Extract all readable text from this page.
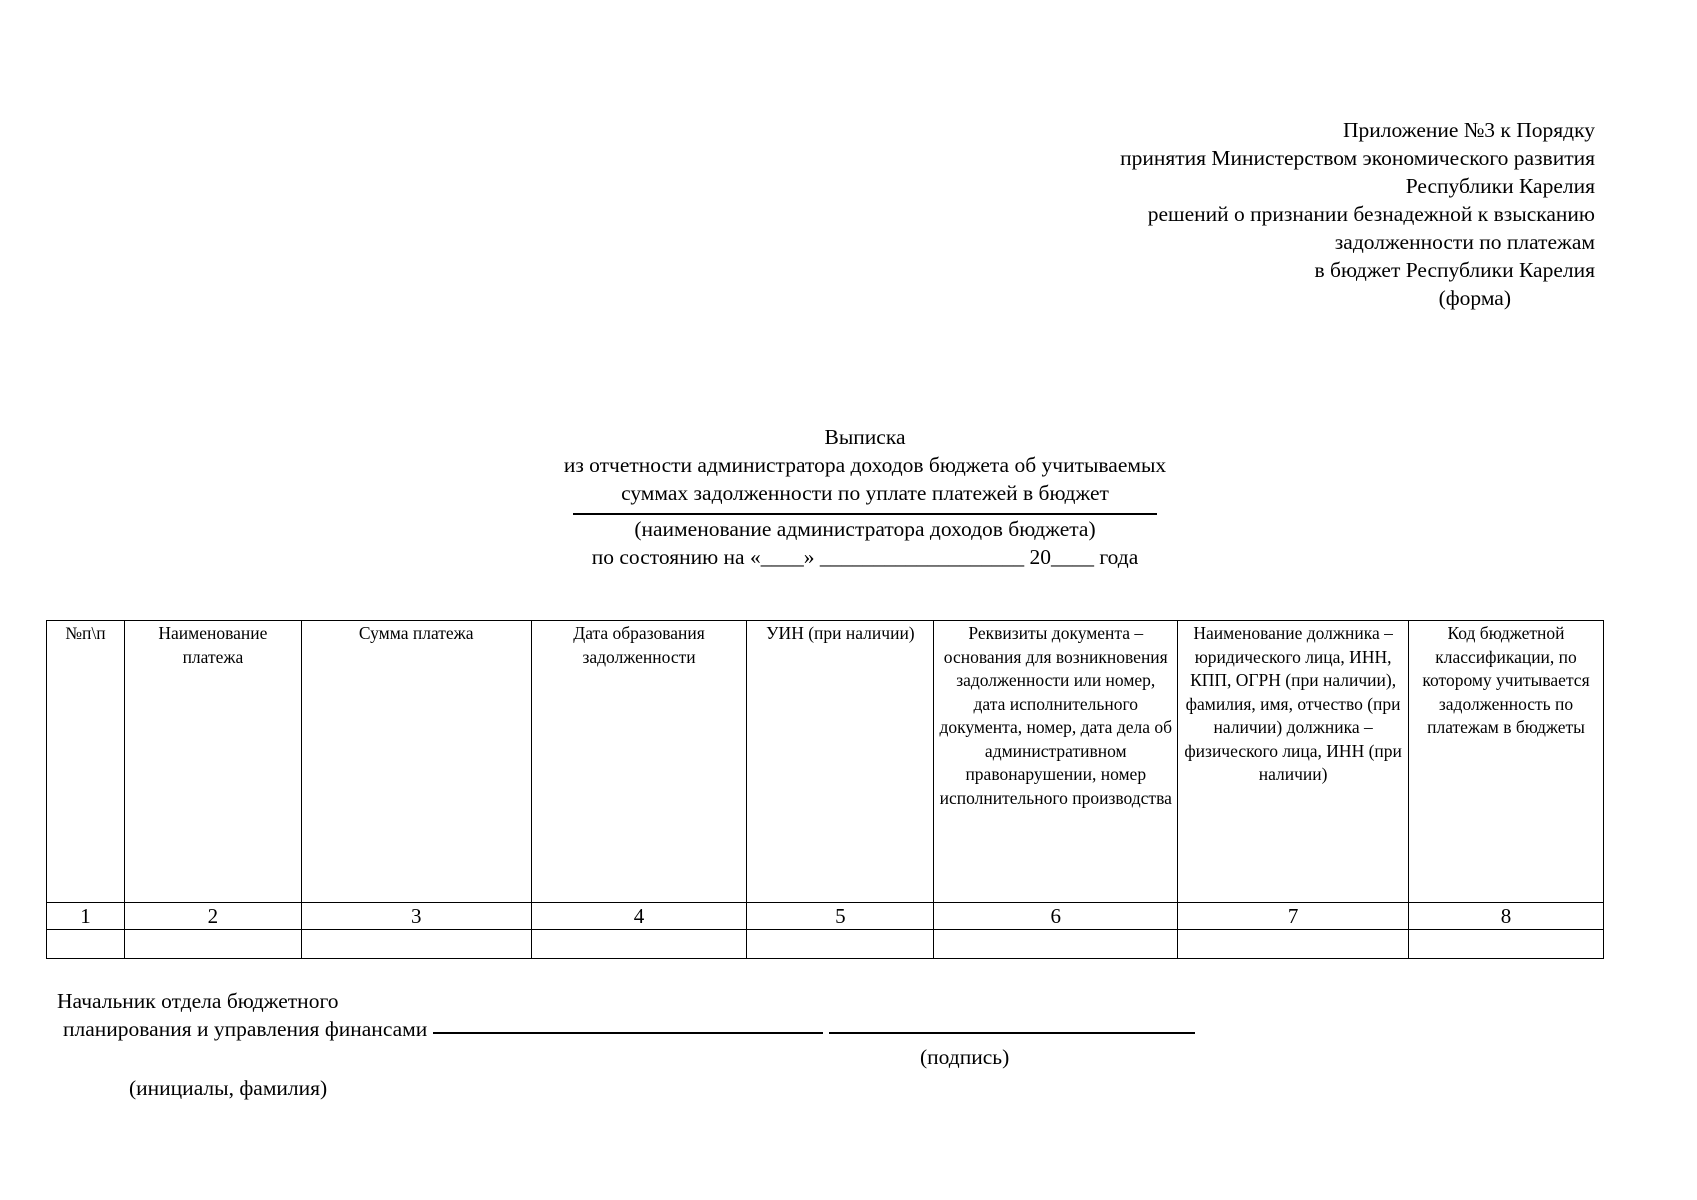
Приложение №3 к Порядку
принятия Министерством экономического развития
Республики Карелия
решений о признании безнадежной к взысканию
задолженности по платежам
в бюджет Республики Карелия
(форма)
Выписка
из отчетности администратора доходов бюджета об учитываемых
суммах задолженности по уплате платежей в бюджет
(наименование администратора доходов бюджета)
по состоянию на «____» ___________________ 20____ года
№п\п	Наименование платежа	Сумма платежа	Дата образования задолженности	УИН (при наличии)	Реквизиты документа – основания для возникновения задолженности или номер, дата исполнительного документа, номер, дата дела об административном правонарушении, номер исполнительного производства	Наименование должника – юридического лица, ИНН, КПП, ОГРН (при наличии), фамилия, имя, отчество (при наличии) должника – физического лица, ИНН (при наличии)	Код бюджетной классификации, по которому учитывается задолженность по платежам в бюджеты
1	2	3	4	5	6	7	8

Начальник отдела бюджетного
планирования и управления финансами
(подпись)
(инициалы, фамилия)
